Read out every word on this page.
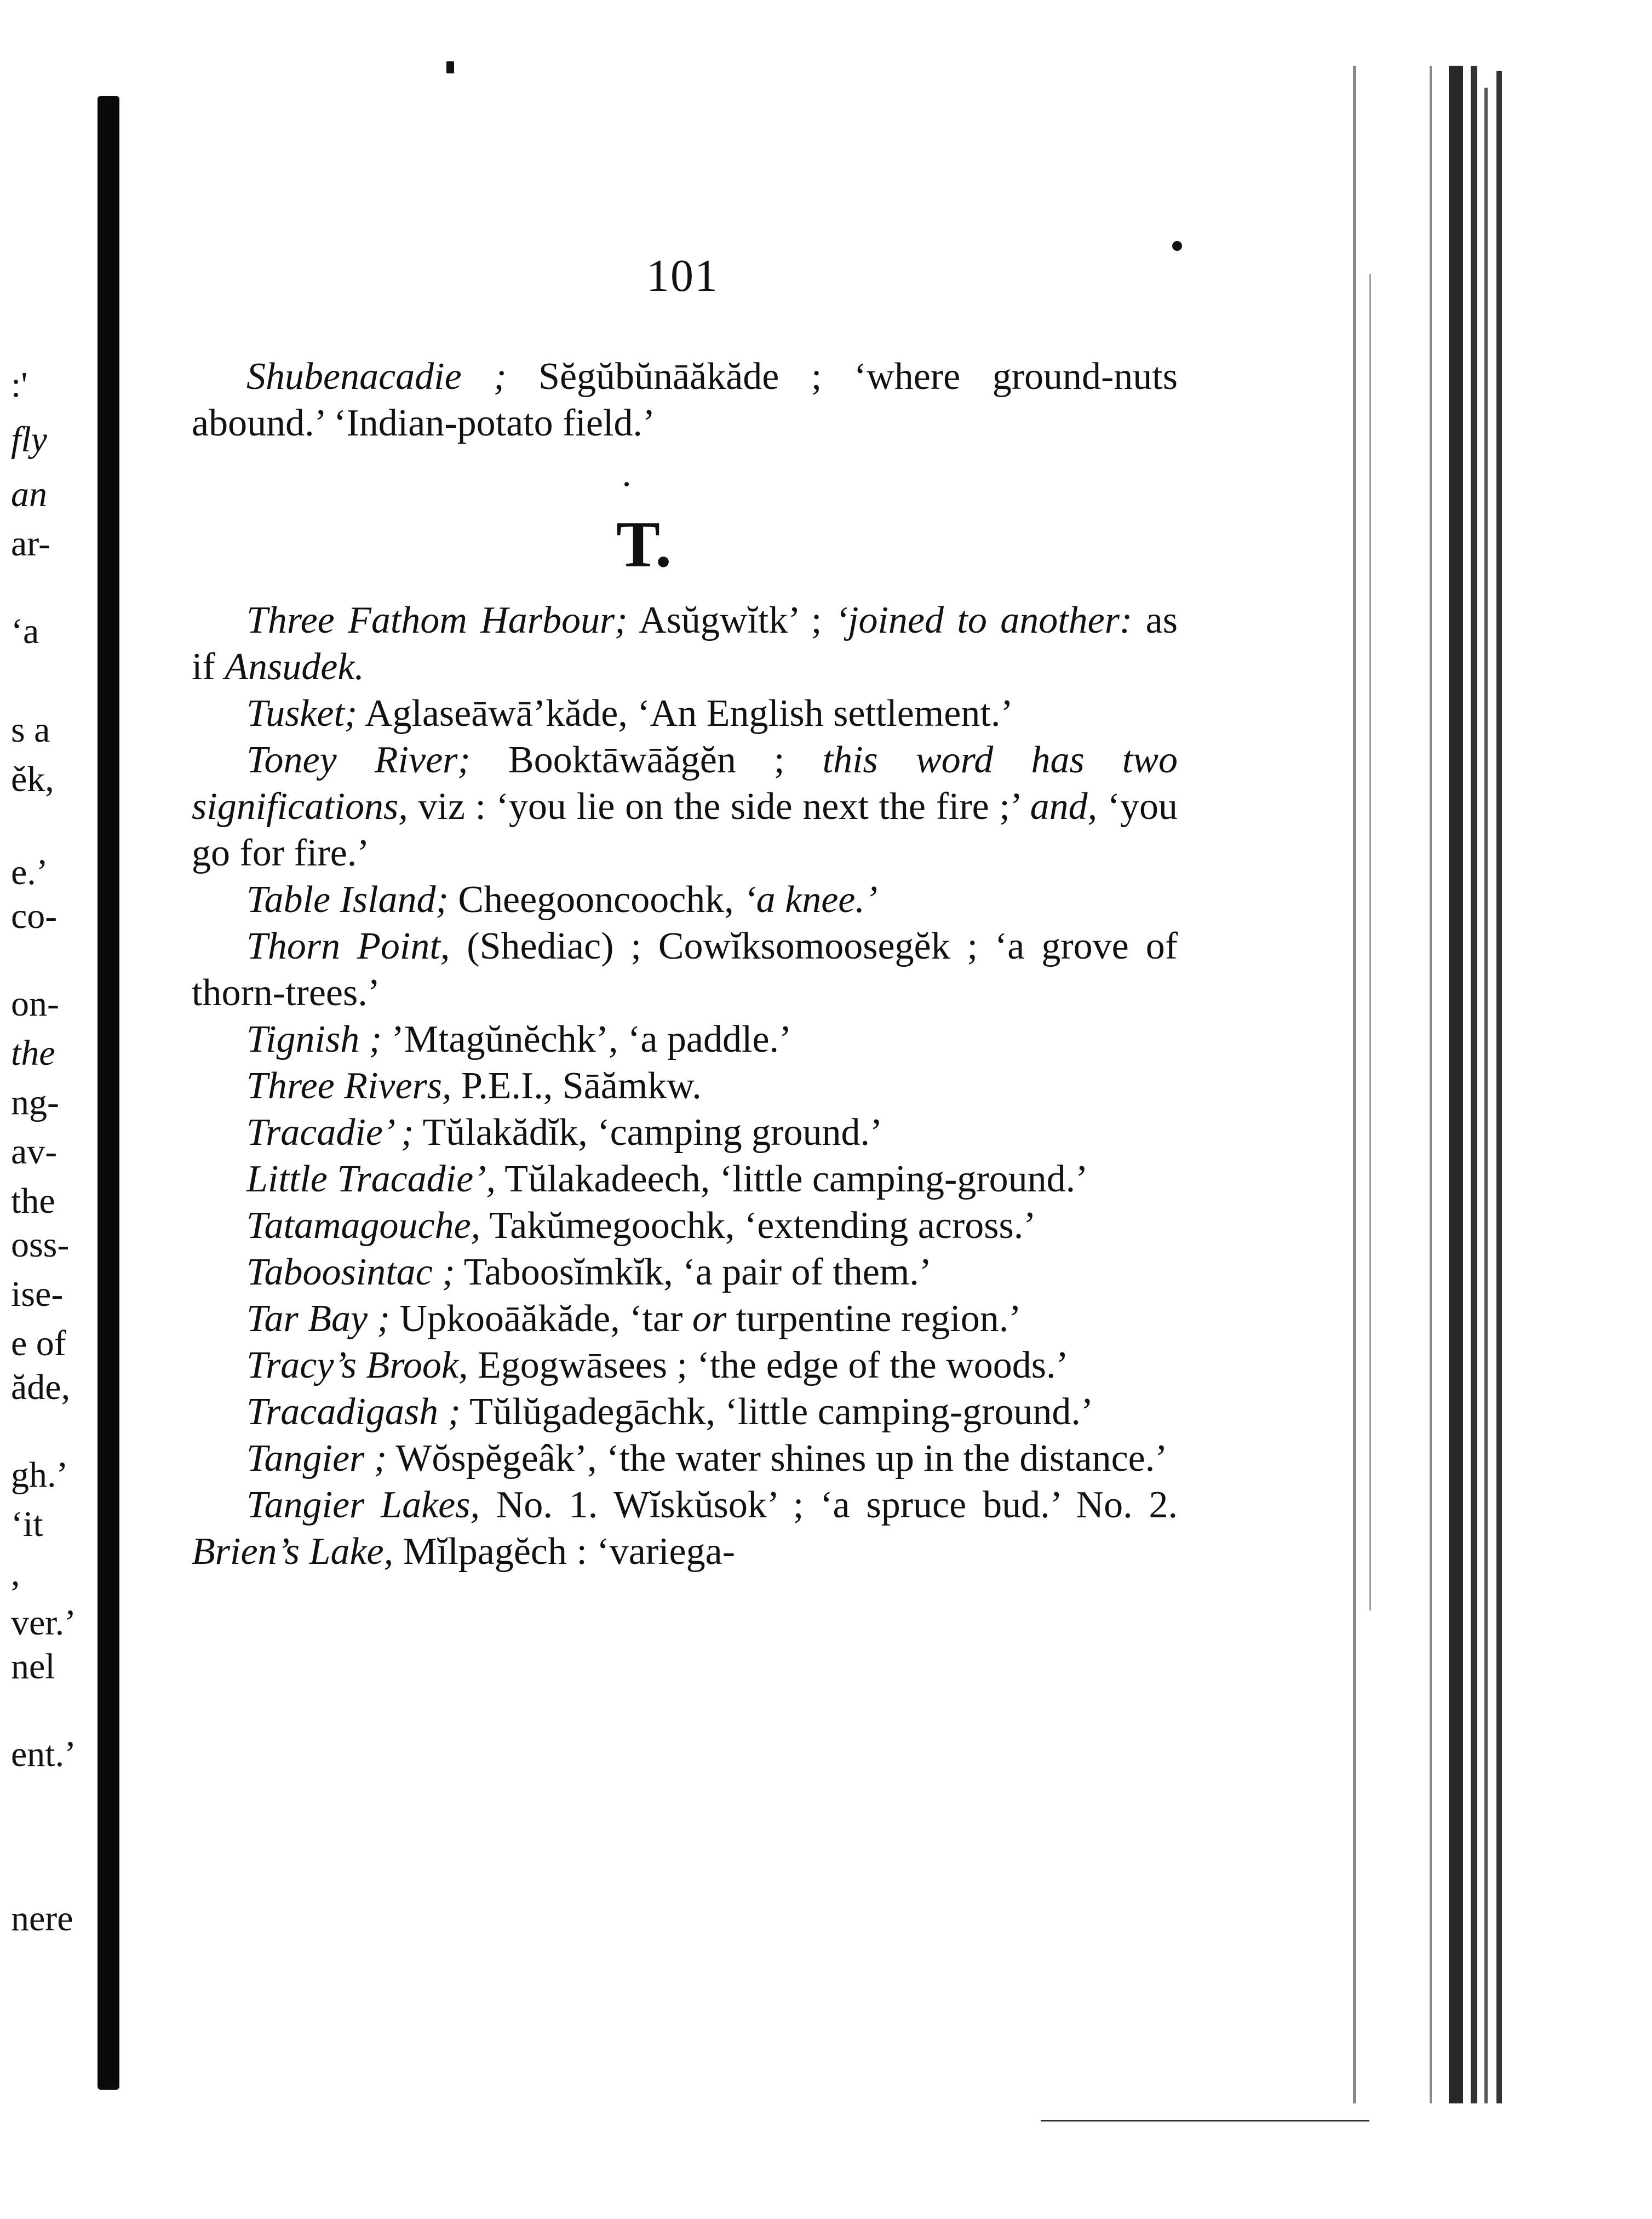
:'
fly
an
ar-
‘a
s a
ěk,
e.’
co-
on-
the
ng-
av-
the
oss-
ise-
e of
ăde,
gh.’
‘it
,
ver.’
nel
ent.’
nere
101

Shubenacadie ; Sĕgŭbŭnāăkăde ; ‘where ground-nuts abound.’ ‘Indian-potato field.’

T.

Three Fathom Harbour; Asŭgwĭtk’ ; ‘joined to another: as if Ansudek.

Tusket; Aglaseāwā’kăde, ‘An English settlement.’

Toney River; Booktāwāăgĕn ; this word has two significations, viz : ‘you lie on the side next the fire ;’ and, ‘you go for fire.’

Table Island; Cheegooncoochk, ‘a knee.’

Thorn Point, (Shediac) ; Cowĭksomoosegĕk ; ‘a grove of thorn-trees.’

Tignish ; ’Mtagŭnĕchk’, ‘a paddle.’

Three Rivers, P.E.I., Sāămkw.

Tracadie’ ; Tŭlakădĭk, ‘camping ground.’

Little Tracadie’, Tŭlakadeech, ‘little camping-ground.’

Tatamagouche, Takŭmegoochk, ‘extending across.’

Taboosintac ; Taboosĭmkĭk, ‘a pair of them.’

Tar Bay ; Upkooāăkăde, ‘tar or turpentine region.’

Tracy’s Brook, Egogwāsees ; ‘the edge of the woods.’

Tracadigash ; Tŭlŭgadegāchk, ‘little camping-ground.’

Tangier ; Wŏspĕgeâk’, ‘the water shines up in the distance.’

Tangier Lakes, No. 1. Wĭskŭsok’ ; ‘a spruce bud.’ No. 2. Brien’s Lake, Mĭlpagĕch : ‘variega-
